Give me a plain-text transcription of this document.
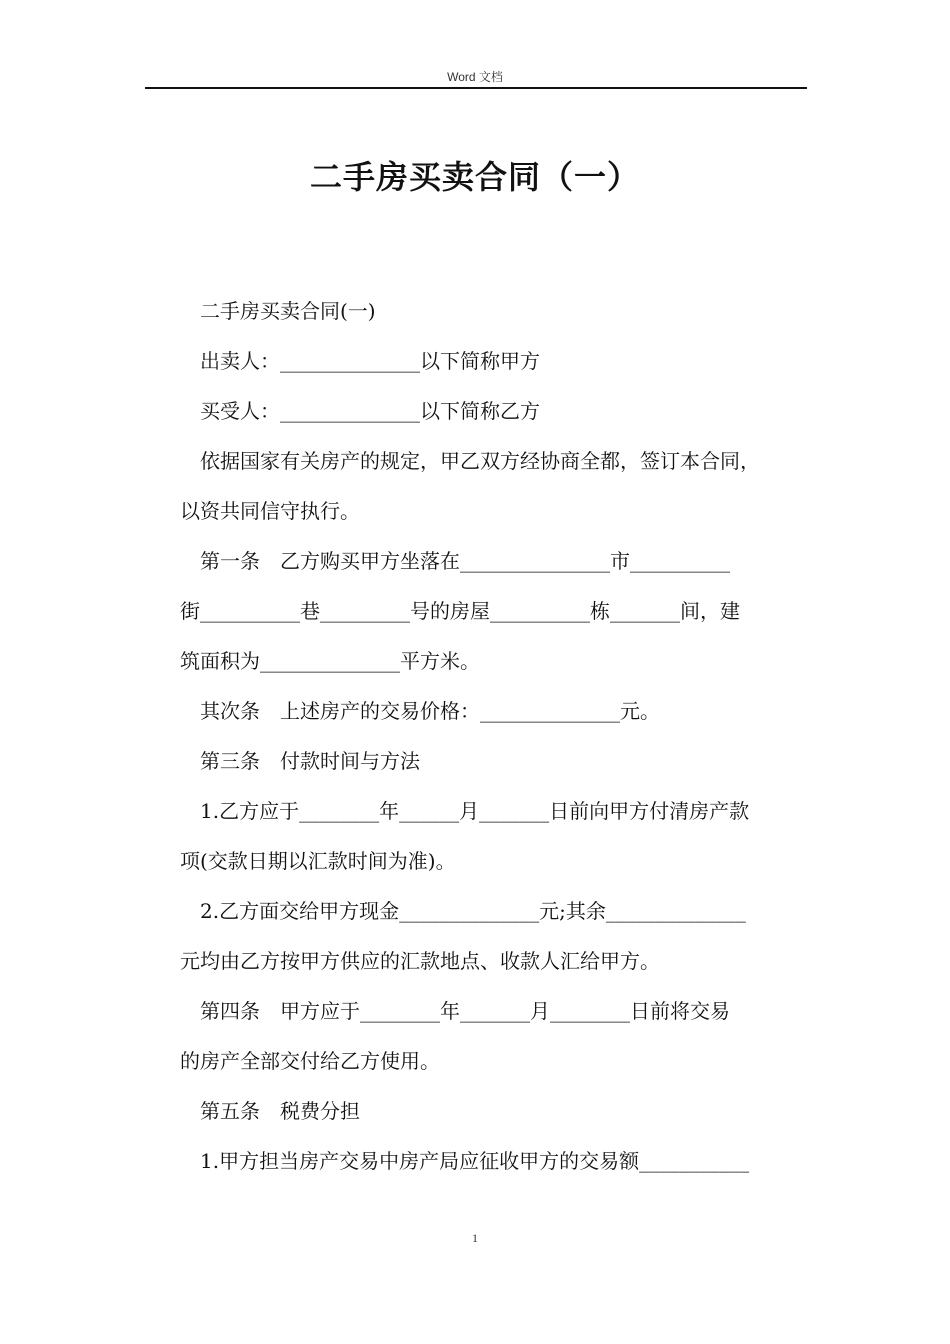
Word 文档
二手房买卖合同（一）

二手房买卖合同(一)

出卖人：______________以下简称甲方

买受人：______________以下简称乙方

依据国家有关房产的规定，甲乙双方经协商全都，签订本合同，

以资共同信守执行。

第一条　乙方购买甲方坐落在_______________市__________

街__________巷_________号的房屋__________栋_______间，建

筑面积为______________平方米。

其次条　上述房产的交易价格：______________元。

第三条　付款时间与方法

1.乙方应于________年______月_______日前向甲方付清房产款

项(交款日期以汇款时间为准)。

2.乙方面交给甲方现金______________元;其余______________

元均由乙方按甲方供应的汇款地点、收款人汇给甲方。

第四条　甲方应于________年_______月________日前将交易

的房产全部交付给乙方使用。

第五条　税费分担

1.甲方担当房产交易中房产局应征收甲方的交易额___________

1
